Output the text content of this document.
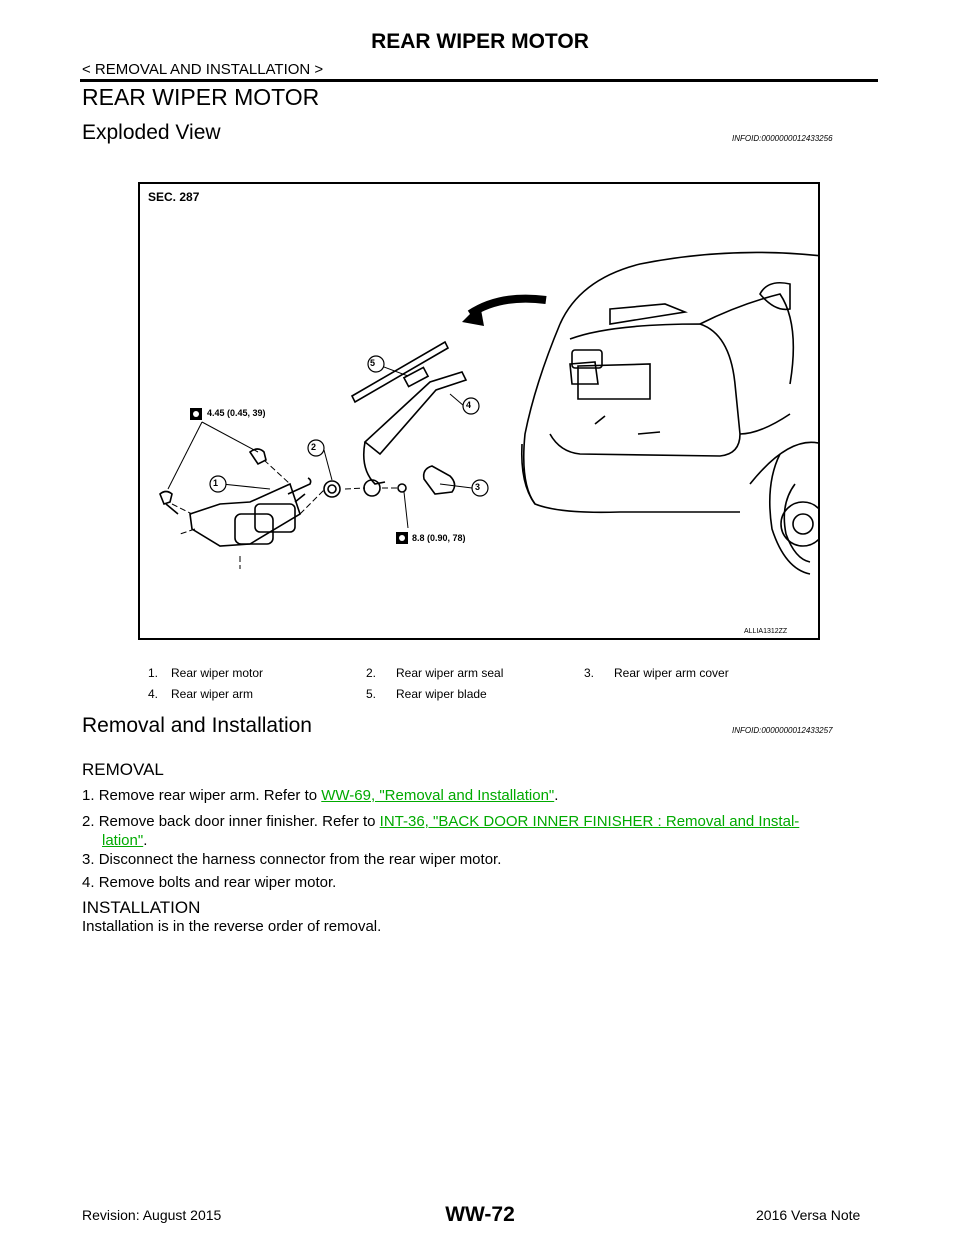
REAR WIPER MOTOR
< REMOVAL AND INSTALLATION >
REAR WIPER MOTOR
Exploded View	INFOID:0000000012433256
SEC. 287
4.45 (0.45, 39)
8.8 (0.90, 78)
5
2
3
4
1
ALLIA1312ZZ
1. Rear wiper motor	2. Rear wiper arm seal	3. Rear wiper arm cover
4. Rear wiper arm	5. Rear wiper blade
Removal and Installation	INFOID:0000000012433257
REMOVAL
1. Remove rear wiper arm. Refer to WW-69, "Removal and Installation".
2. Remove back door inner finisher. Refer to INT-36, "BACK DOOR INNER FINISHER : Removal and Instal-
lation".
3. Disconnect the harness connector from the rear wiper motor.
4. Remove bolts and rear wiper motor.
INSTALLATION
Installation is in the reverse order of removal.
Revision: August 2015	WW-72	2016 Versa Note
